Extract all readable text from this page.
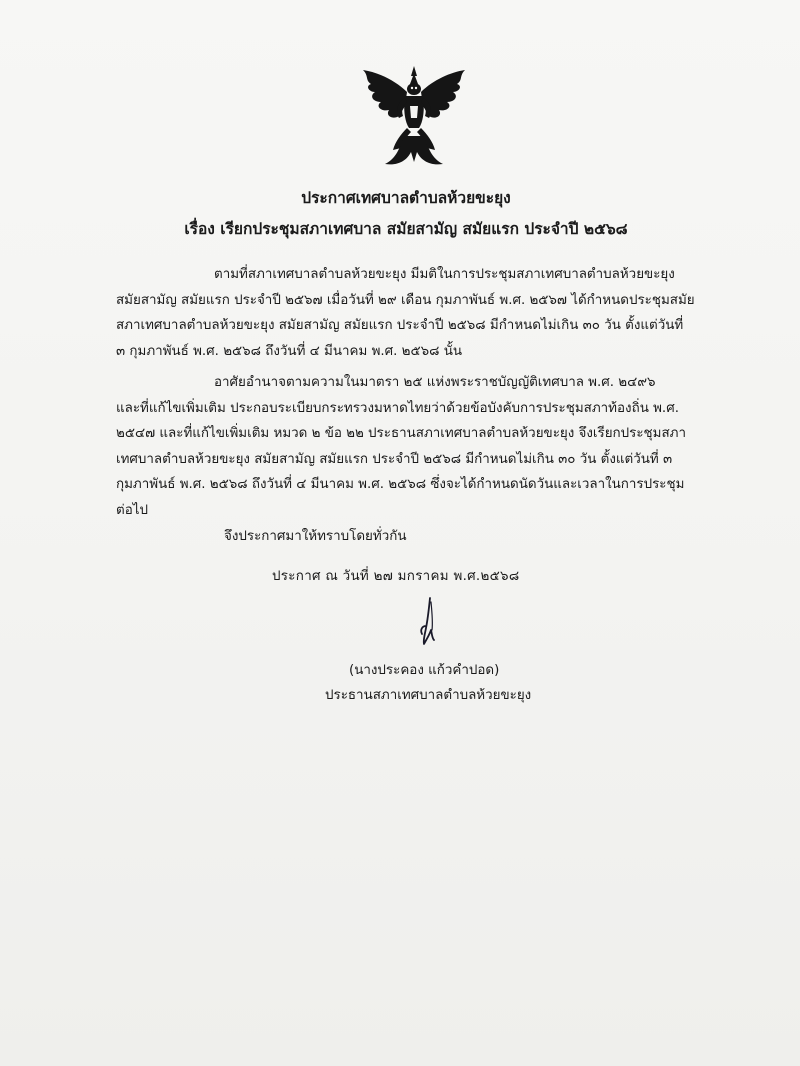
ประกาศเทศบาลตำบลห้วยขะยุง
เรื่อง เรียกประชุมสภาเทศบาล สมัยสามัญ สมัยแรก ประจำปี ๒๕๖๘
ตามที่สภาเทศบาลตำบลห้วยขะยุง มีมติในการประชุมสภาเทศบาลตำบลห้วยขะยุง
สมัยสามัญ สมัยแรก ประจำปี ๒๕๖๗ เมื่อวันที่ ๒๙ เดือน กุมภาพันธ์ พ.ศ. ๒๕๖๗ ได้กำหนดประชุมสมัย
สภาเทศบาลตำบลห้วยขะยุง สมัยสามัญ สมัยแรก ประจำปี ๒๕๖๘ มีกำหนดไม่เกิน ๓๐ วัน ตั้งแต่วันที่
๓ กุมภาพันธ์ พ.ศ. ๒๕๖๘ ถึงวันที่ ๔ มีนาคม พ.ศ. ๒๕๖๘ นั้น
อาศัยอำนาจตามความในมาตรา ๒๕ แห่งพระราชบัญญัติเทศบาล พ.ศ. ๒๔๙๖
และที่แก้ไขเพิ่มเติม ประกอบระเบียบกระทรวงมหาดไทยว่าด้วยข้อบังคับการประชุมสภาท้องถิ่น พ.ศ.
๒๕๔๗ และที่แก้ไขเพิ่มเติม หมวด ๒ ข้อ ๒๒ ประธานสภาเทศบาลตำบลห้วยขะยุง จึงเรียกประชุมสภา
เทศบาลตำบลห้วยขะยุง สมัยสามัญ สมัยแรก ประจำปี ๒๕๖๘ มีกำหนดไม่เกิน ๓๐ วัน ตั้งแต่วันที่ ๓
กุมภาพันธ์ พ.ศ. ๒๕๖๘ ถึงวันที่ ๔ มีนาคม พ.ศ. ๒๕๖๘ ซึ่งจะได้กำหนดนัดวันและเวลาในการประชุม
ต่อไป
จึงประกาศมาให้ทราบโดยทั่วกัน
ประกาศ ณ วันที่ ๒๗ มกราคม พ.ศ.๒๕๖๘
(นางประคอง แก้วคำปอด)
ประธานสภาเทศบาลตำบลห้วยขะยุง
